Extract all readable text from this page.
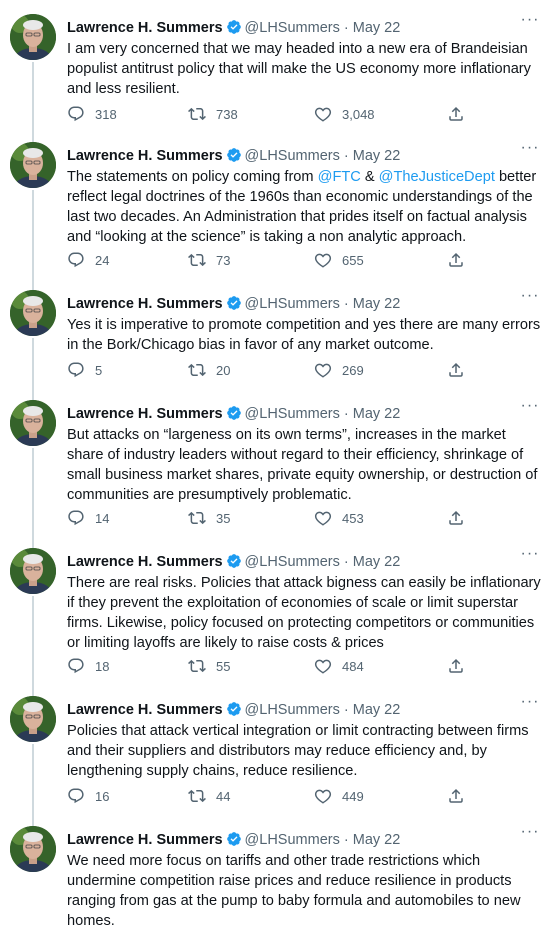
Lawrence H. Summers @LHSummers · May 22	···
I am very concerned that we may headed into a new era of Brandeisian populist antitrust policy that will make the US economy more inflationary and less resilient.
318	738	3,048
Lawrence H. Summers @LHSummers · May 22	···
The statements on policy coming from @FTC & @TheJusticeDept better reflect legal doctrines of the 1960s than economic understandings of the last two decades. An Administration that prides itself on factual analysis and “looking at the science” is taking a non analytic approach.
24	73	655
Lawrence H. Summers @LHSummers · May 22	···
Yes it is imperative to promote competition and yes there are many errors in the Bork/Chicago bias in favor of any market outcome.
5	20	269
Lawrence H. Summers @LHSummers · May 22	···
But attacks on “largeness on its own terms”, increases in the market share of industry leaders without regard to their efficiency, shrinkage of small business market shares, private equity ownership, or destruction of communities are presumptively problematic.
14	35	453
Lawrence H. Summers @LHSummers · May 22	···
There are real risks. Policies that attack bigness can easily be inflationary if they prevent the exploitation of economies of scale or limit superstar firms. Likewise, policy focused on protecting competitors or communities or limiting layoffs are likely to raise costs & prices
18	55	484
Lawrence H. Summers @LHSummers · May 22	···
Policies that attack vertical integration or limit contracting between firms and their suppliers and distributors may reduce efficiency and, by lengthening supply chains, reduce resilience.
16	44	449
Lawrence H. Summers @LHSummers · May 22	···
We need more focus on tariffs and other trade restrictions which undermine competition raise prices and reduce resilience in products ranging from gas at the pump to baby formula and automobiles to new homes.
